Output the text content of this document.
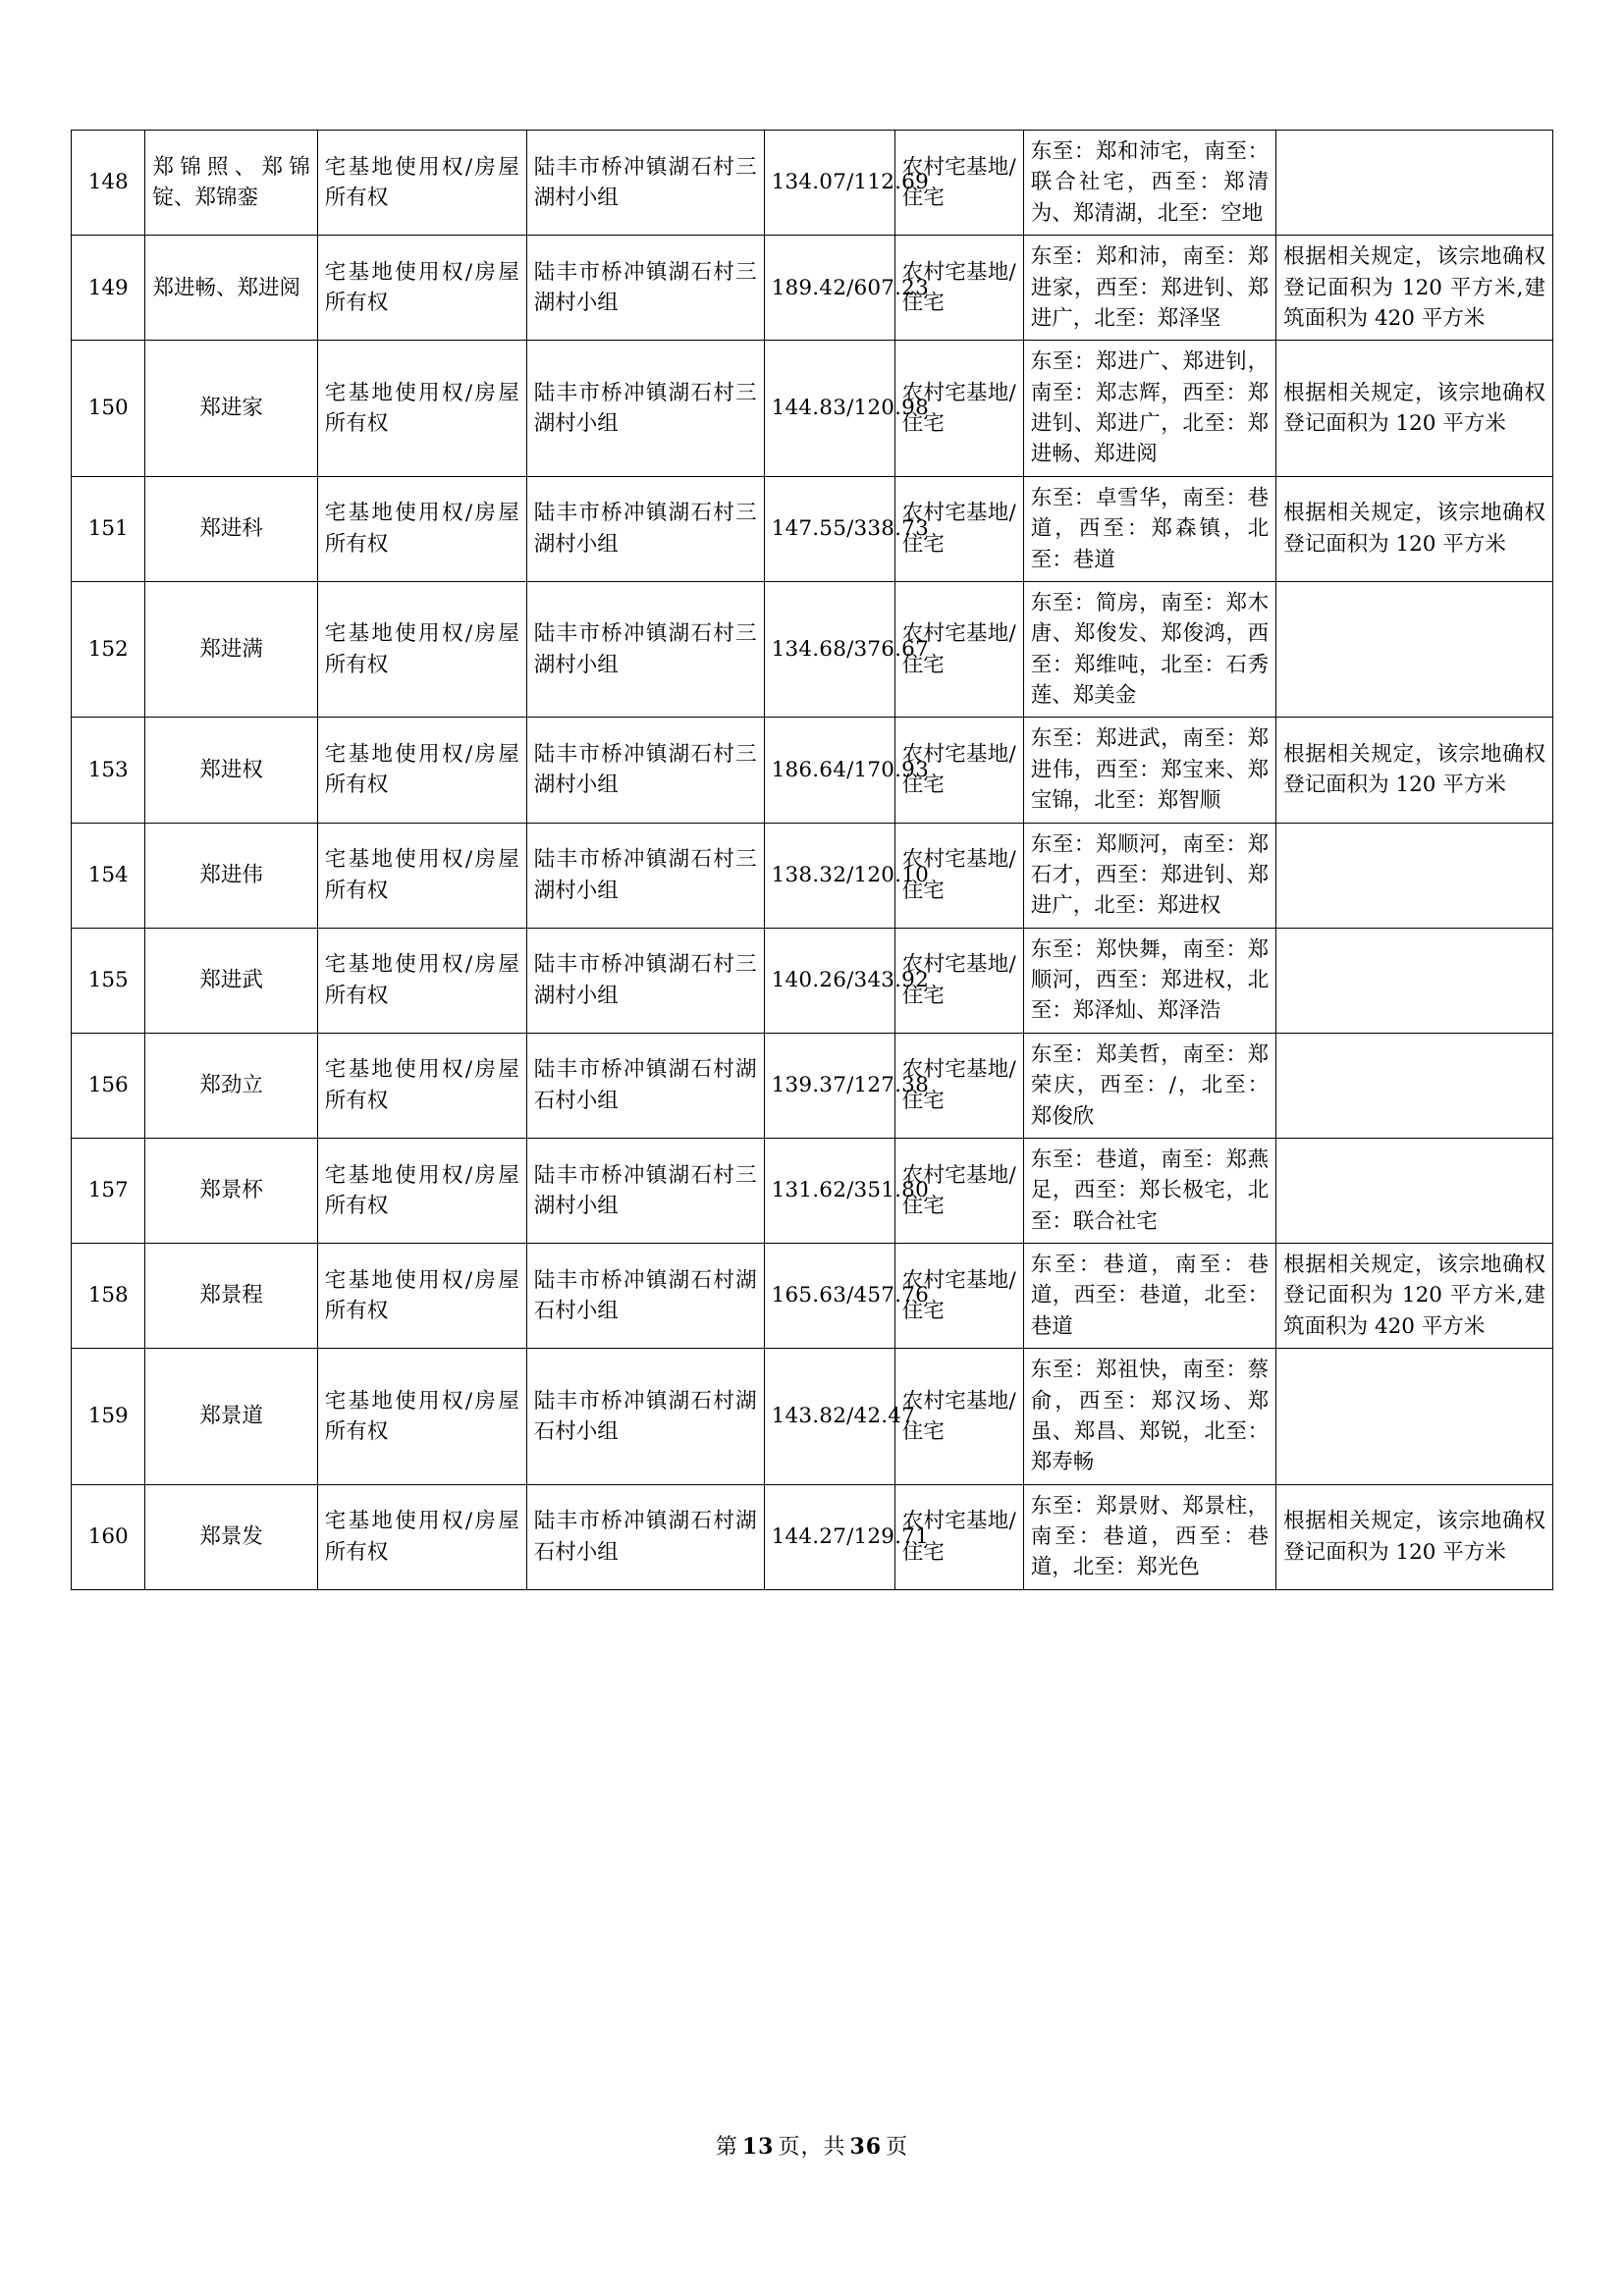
148	郑锦照、郑锦锭、郑锦銮	宅基地使用权/房屋所有权	陆丰市桥冲镇湖石村三湖村小组	134.07/112.69	农村宅基地/住宅	东至：郑和沛宅，南至：联合社宅，西至：郑清为、郑清湖，北至：空地	
149	郑进畅、郑进阅	宅基地使用权/房屋所有权	陆丰市桥冲镇湖石村三湖村小组	189.42/607.23	农村宅基地/住宅	东至：郑和沛，南至：郑进家，西至：郑进钊、郑进广，北至：郑泽坚	根据相关规定，该宗地确权登记面积为 120 平方米,建筑面积为 420 平方米
150	郑进家	宅基地使用权/房屋所有权	陆丰市桥冲镇湖石村三湖村小组	144.83/120.98	农村宅基地/住宅	东至：郑进广、郑进钊，南至：郑志辉，西至：郑进钊、郑进广，北至：郑进畅、郑进阅	根据相关规定，该宗地确权登记面积为 120 平方米
151	郑进科	宅基地使用权/房屋所有权	陆丰市桥冲镇湖石村三湖村小组	147.55/338.73	农村宅基地/住宅	东至：卓雪华，南至：巷道，西至：郑森镇，北至：巷道	根据相关规定，该宗地确权登记面积为 120 平方米
152	郑进满	宅基地使用权/房屋所有权	陆丰市桥冲镇湖石村三湖村小组	134.68/376.67	农村宅基地/住宅	东至：简房，南至：郑木唐、郑俊发、郑俊鸿，西至：郑维吨，北至：石秀莲、郑美金	
153	郑进权	宅基地使用权/房屋所有权	陆丰市桥冲镇湖石村三湖村小组	186.64/170.93	农村宅基地/住宅	东至：郑进武，南至：郑进伟，西至：郑宝来、郑宝锦，北至：郑智顺	根据相关规定，该宗地确权登记面积为 120 平方米
154	郑进伟	宅基地使用权/房屋所有权	陆丰市桥冲镇湖石村三湖村小组	138.32/120.10	农村宅基地/住宅	东至：郑顺河，南至：郑石才，西至：郑进钊、郑进广，北至：郑进权	
155	郑进武	宅基地使用权/房屋所有权	陆丰市桥冲镇湖石村三湖村小组	140.26/343.92	农村宅基地/住宅	东至：郑快舞，南至：郑顺河，西至：郑进权，北至：郑泽灿、郑泽浩	
156	郑劲立	宅基地使用权/房屋所有权	陆丰市桥冲镇湖石村湖石村小组	139.37/127.38	农村宅基地/住宅	东至：郑美哲，南至：郑荣庆，西至：/，北至：郑俊欣	
157	郑景杯	宅基地使用权/房屋所有权	陆丰市桥冲镇湖石村三湖村小组	131.62/351.80	农村宅基地/住宅	东至：巷道，南至：郑燕足，西至：郑长极宅，北至：联合社宅	
158	郑景程	宅基地使用权/房屋所有权	陆丰市桥冲镇湖石村湖石村小组	165.63/457.76	农村宅基地/住宅	东至：巷道，南至：巷道，西至：巷道，北至：巷道	根据相关规定，该宗地确权登记面积为 120 平方米,建筑面积为 420 平方米
159	郑景道	宅基地使用权/房屋所有权	陆丰市桥冲镇湖石村湖石村小组	143.82/42.47	农村宅基地/住宅	东至：郑祖快，南至：蔡俞，西至：郑汉场、郑虽、郑昌、郑锐，北至：郑寿畅	
160	郑景发	宅基地使用权/房屋所有权	陆丰市桥冲镇湖石村湖石村小组	144.27/129.71	农村宅基地/住宅	东至：郑景财、郑景柱，南至：巷道，西至：巷道，北至：郑光色	根据相关规定，该宗地确权登记面积为 120 平方米
第 13 页，共 36 页
